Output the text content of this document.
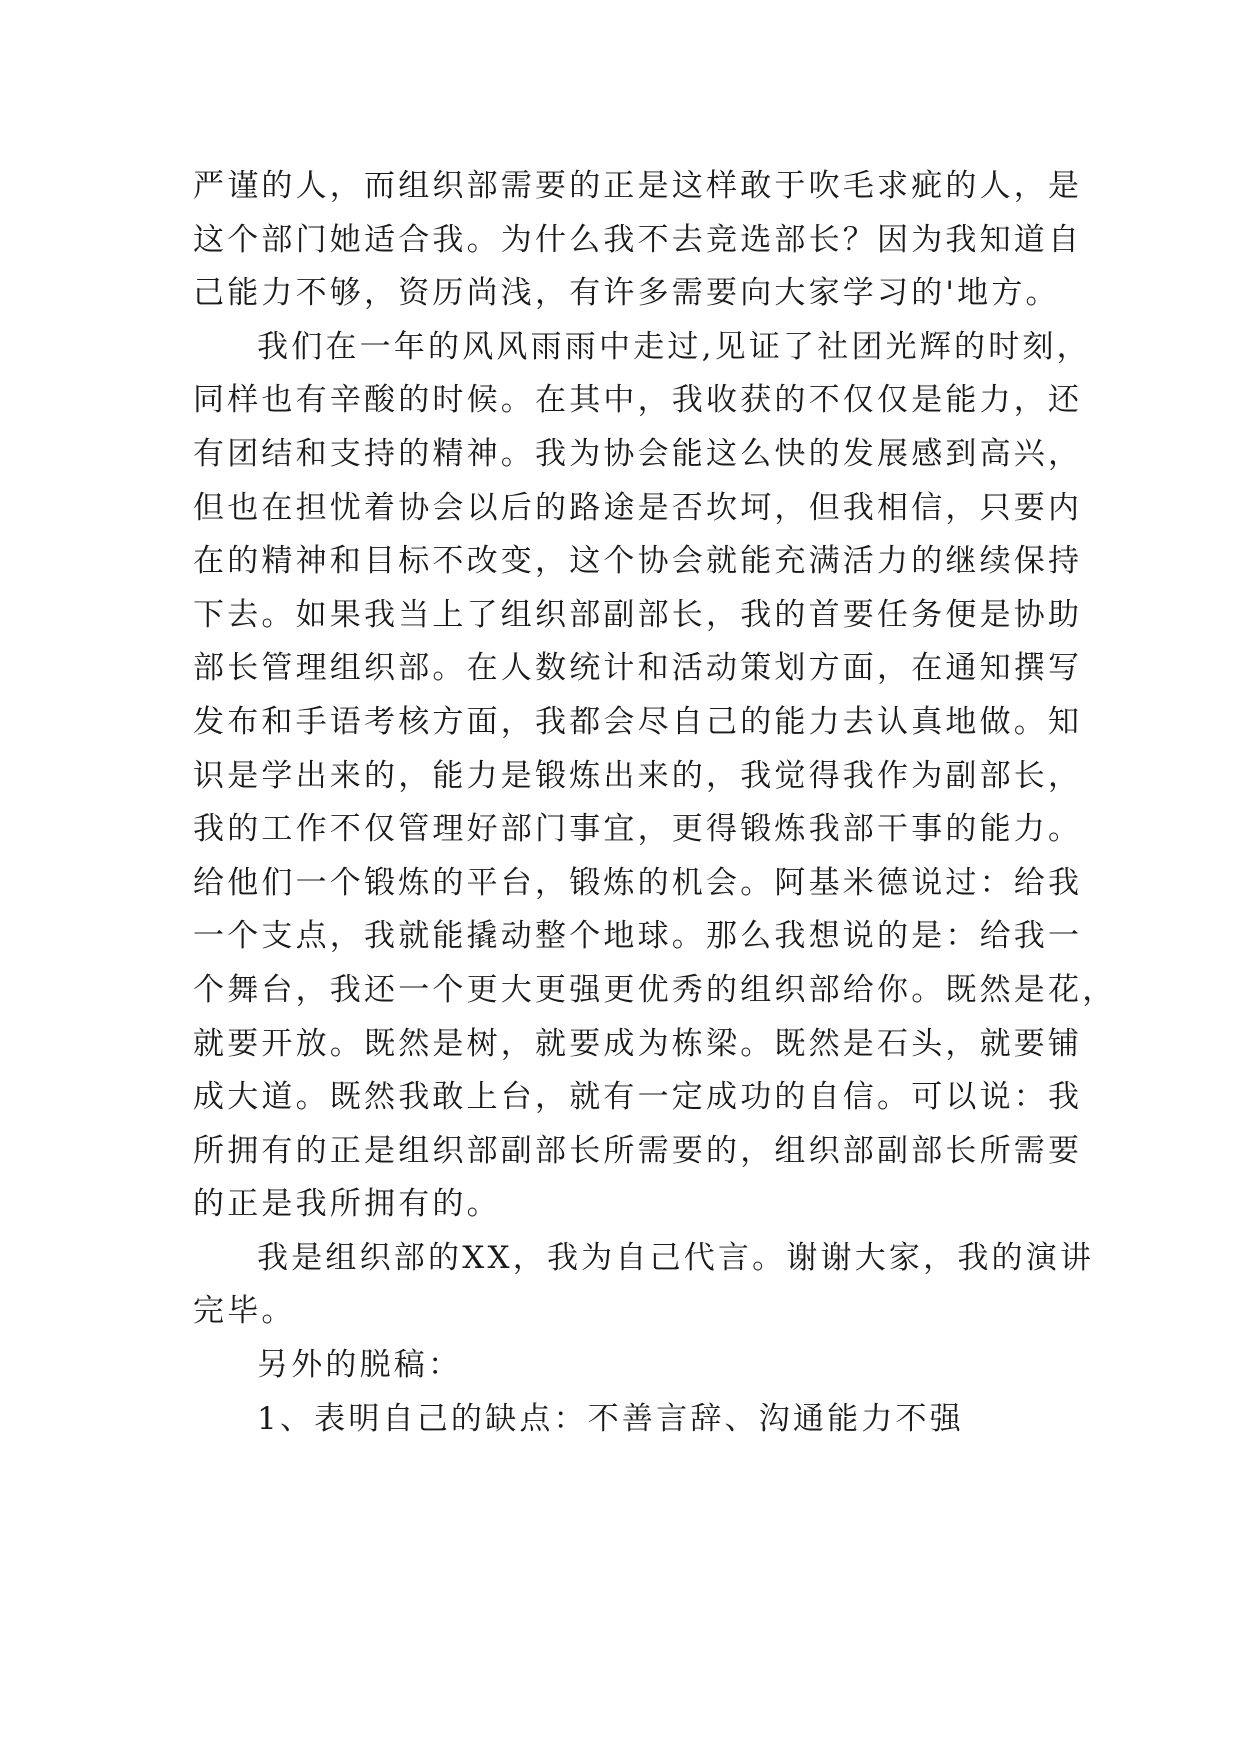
严谨的人，而组织部需要的正是这样敢于吹毛求疵的人，是
这个部门她适合我。为什么我不去竞选部长？因为我知道自
己能力不够，资历尚浅，有许多需要向大家学习的'地方。
我们在一年的风风雨雨中走过,见证了社团光辉的时刻，
同样也有辛酸的时候。在其中，我收获的不仅仅是能力，还
有团结和支持的精神。我为协会能这么快的发展感到高兴，
但也在担忧着协会以后的路途是否坎坷，但我相信，只要内
在的精神和目标不改变，这个协会就能充满活力的继续保持
下去。如果我当上了组织部副部长，我的首要任务便是协助
部长管理组织部。在人数统计和活动策划方面，在通知撰写
发布和手语考核方面，我都会尽自己的能力去认真地做。知
识是学出来的，能力是锻炼出来的，我觉得我作为副部长，
我的工作不仅管理好部门事宜，更得锻炼我部干事的能力。
给他们一个锻炼的平台，锻炼的机会。阿基米德说过：给我
一个支点，我就能撬动整个地球。那么我想说的是：给我一
个舞台，我还一个更大更强更优秀的组织部给你。既然是花，
就要开放。既然是树，就要成为栋梁。既然是石头，就要铺
成大道。既然我敢上台，就有一定成功的自信。可以说：我
所拥有的正是组织部副部长所需要的，组织部副部长所需要
的正是我所拥有的。
我是组织部的XX，我为自己代言。谢谢大家，我的演讲
完毕。
另外的脱稿：
1、表明自己的缺点：不善言辞、沟通能力不强
